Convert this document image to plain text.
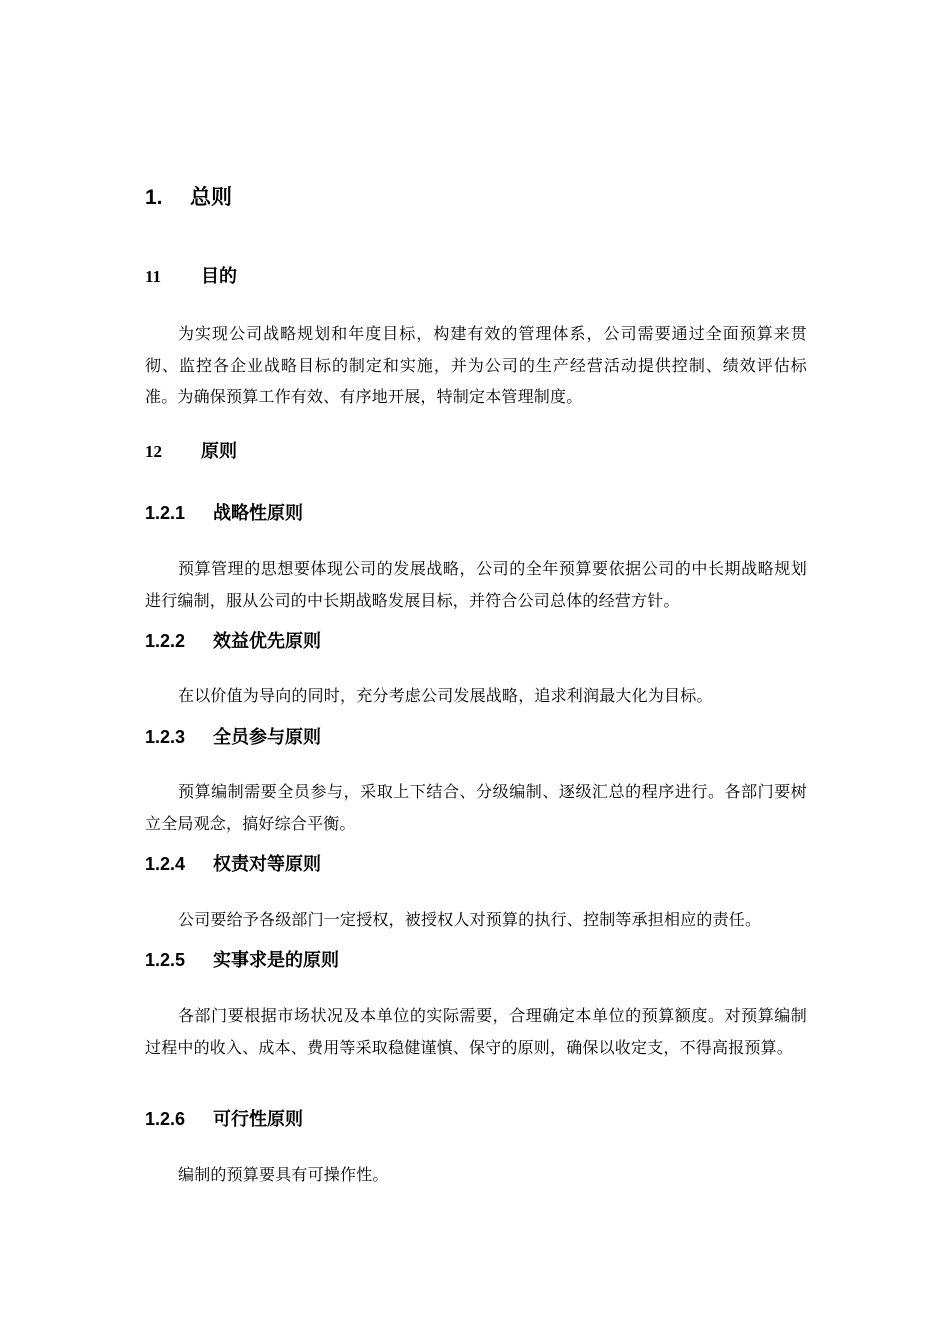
1. 总则
11 目的
为实现公司战略规划和年度目标，构建有效的管理体系，公司需要通过全面预算来贯彻、监控各企业战略目标的制定和实施，并为公司的生产经营活动提供控制、绩效评估标准。为确保预算工作有效、有序地开展，特制定本管理制度。
12 原则
1.2.1 战略性原则
预算管理的思想要体现公司的发展战略，公司的全年预算要依据公司的中长期战略规划进行编制，服从公司的中长期战略发展目标，并符合公司总体的经营方针。
1.2.2 效益优先原则
在以价值为导向的同时，充分考虑公司发展战略，追求利润最大化为目标。
1.2.3 全员参与原则
预算编制需要全员参与，采取上下结合、分级编制、逐级汇总的程序进行。各部门要树立全局观念，搞好综合平衡。
1.2.4 权责对等原则
公司要给予各级部门一定授权，被授权人对预算的执行、控制等承担相应的责任。
1.2.5 实事求是的原则
各部门要根据市场状况及本单位的实际需要，合理确定本单位的预算额度。对预算编制过程中的收入、成本、费用等采取稳健谨慎、保守的原则，确保以收定支，不得高报预算。
1.2.6 可行性原则
编制的预算要具有可操作性。
